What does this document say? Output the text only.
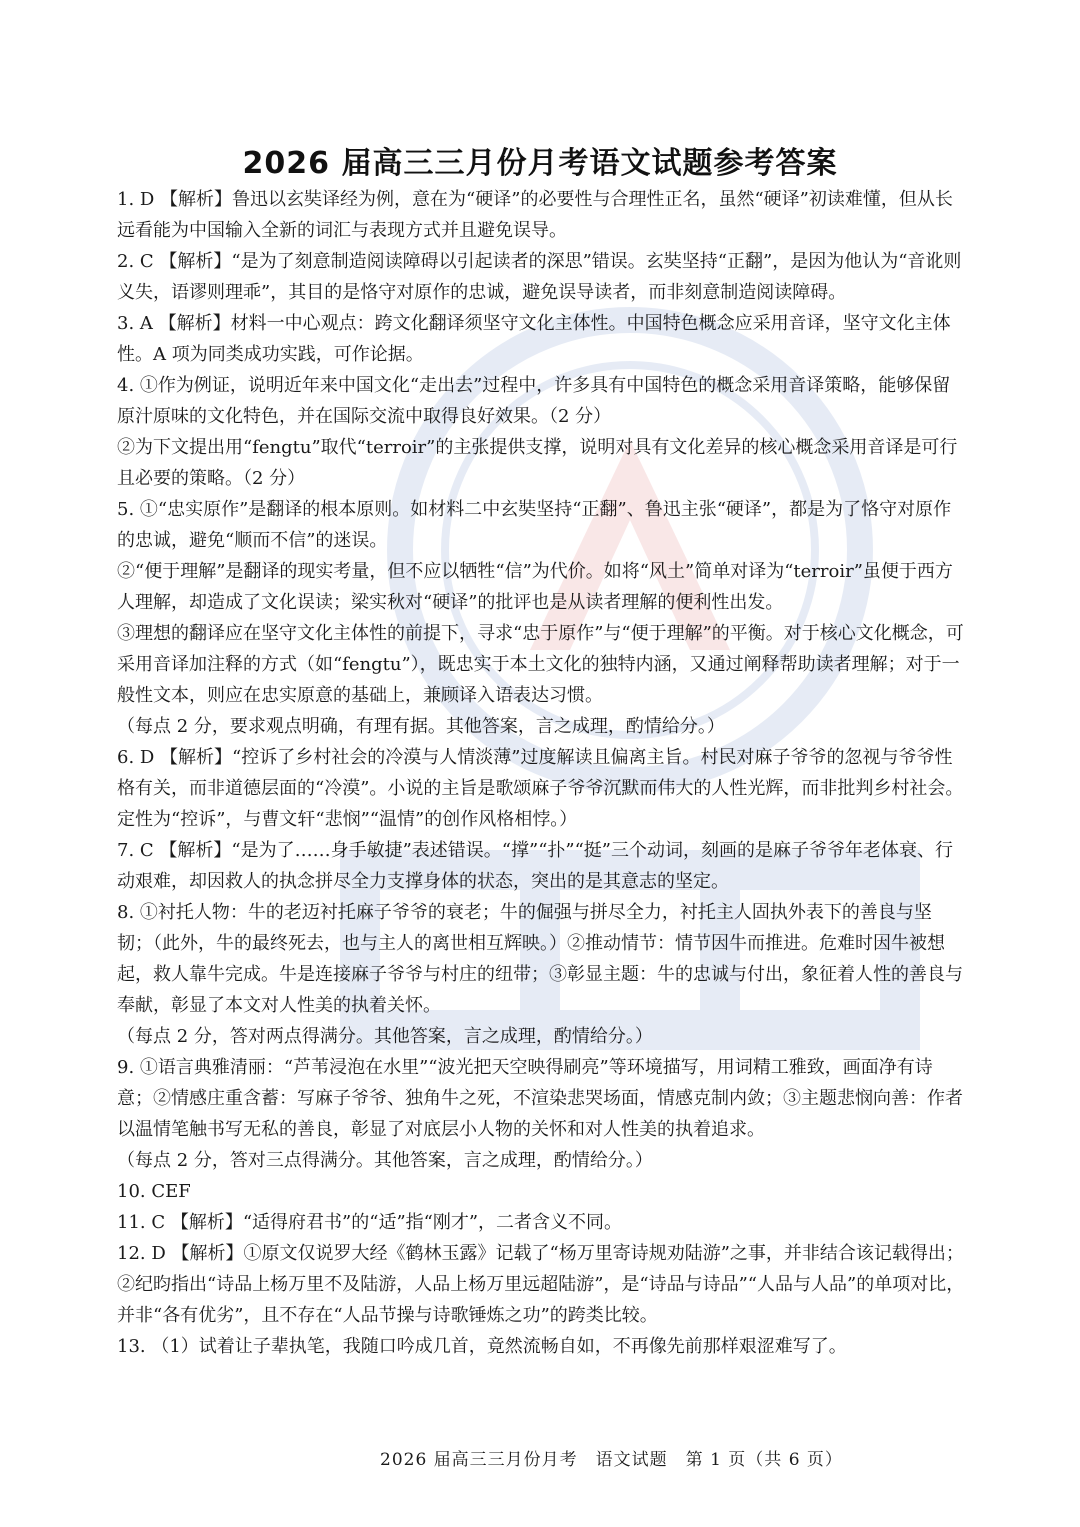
2026 届高三三月份月考语文试题参考答案

1. D 【解析】鲁迅以玄奘译经为例，意在为“硬译”的必要性与合理性正名，虽然“硬译”初读难懂，但从长远看能为中国输入全新的词汇与表现方式并且避免误导。

2. C 【解析】“是为了刻意制造阅读障碍以引起读者的深思”错误。玄奘坚持“正翻”，是因为他认为“音讹则义失，语谬则理乖”，其目的是恪守对原作的忠诚，避免误导读者，而非刻意制造阅读障碍。

3. A 【解析】材料一中心观点：跨文化翻译须坚守文化主体性。中国特色概念应采用音译，坚守文化主体性。A 项为同类成功实践，可作论据。

4. ①作为例证，说明近年来中国文化“走出去”过程中，许多具有中国特色的概念采用音译策略，能够保留原汁原味的文化特色，并在国际交流中取得良好效果。（2 分）

②为下文提出用“fengtu”取代“terroir”的主张提供支撑，说明对具有文化差异的核心概念采用音译是可行且必要的策略。（2 分）

5. ①“忠实原作”是翻译的根本原则。如材料二中玄奘坚持“正翻”、鲁迅主张“硬译”，都是为了恪守对原作的忠诚，避免“顺而不信”的迷误。

②“便于理解”是翻译的现实考量，但不应以牺牲“信”为代价。如将“风土”简单对译为“terroir”虽便于西方人理解，却造成了文化误读；梁实秋对“硬译”的批评也是从读者理解的便利性出发。

③理想的翻译应在坚守文化主体性的前提下，寻求“忠于原作”与“便于理解”的平衡。对于核心文化概念，可采用音译加注释的方式（如“fengtu”），既忠实于本土文化的独特内涵，又通过阐释帮助读者理解；对于一般性文本，则应在忠实原意的基础上，兼顾译入语表达习惯。

（每点 2 分，要求观点明确，有理有据。其他答案，言之成理，酌情给分。）

6. D 【解析】“控诉了乡村社会的冷漠与人情淡薄”过度解读且偏离主旨。村民对麻子爷爷的忽视与爷爷性格有关，而非道德层面的“冷漠”。小说的主旨是歌颂麻子爷爷沉默而伟大的人性光辉，而非批判乡村社会。定性为“控诉”，与曹文轩“悲悯”“温情”的创作风格相悖。）

7. C 【解析】“是为了……身手敏捷”表述错误。“撑”“扑”“挺”三个动词，刻画的是麻子爷爷年老体衰、行动艰难，却因救人的执念拼尽全力支撑身体的状态，突出的是其意志的坚定。

8. ①衬托人物：牛的老迈衬托麻子爷爷的衰老；牛的倔强与拼尽全力，衬托主人固执外表下的善良与坚韧；（此外，牛的最终死去，也与主人的离世相互辉映。）②推动情节：情节因牛而推进。危难时因牛被想起，救人靠牛完成。牛是连接麻子爷爷与村庄的纽带；③彰显主题：牛的忠诚与付出，象征着人性的善良与奉献，彰显了本文对人性美的执着关怀。

（每点 2 分，答对两点得满分。其他答案，言之成理，酌情给分。）

9. ①语言典雅清丽：“芦苇浸泡在水里”“波光把天空映得刷亮”等环境描写，用词精工雅致，画面净有诗意；②情感庄重含蓄：写麻子爷爷、独角牛之死，不渲染悲哭场面，情感克制内敛；③主题悲悯向善：作者以温情笔触书写无私的善良，彰显了对底层小人物的关怀和对人性美的执着追求。

（每点 2 分，答对三点得满分。其他答案，言之成理，酌情给分。）

10. CEF

11. C 【解析】“适得府君书”的“适”指“刚才”，二者含义不同。

12. D 【解析】①原文仅说罗大经《鹤林玉露》记载了“杨万里寄诗规劝陆游”之事，并非结合该记载得出； ②纪昀指出“诗品上杨万里不及陆游，人品上杨万里远超陆游”，是“诗品与诗品”“人品与人品”的单项对比，并非“各有优劣”，且不存在“人品节操与诗歌锤炼之功”的跨类比较。

13. （1）试着让子辈执笔，我随口吟成几首，竟然流畅自如，不再像先前那样艰涩难写了。

2026 届高三三月份月考　语文试题　第 1 页（共 6 页）
